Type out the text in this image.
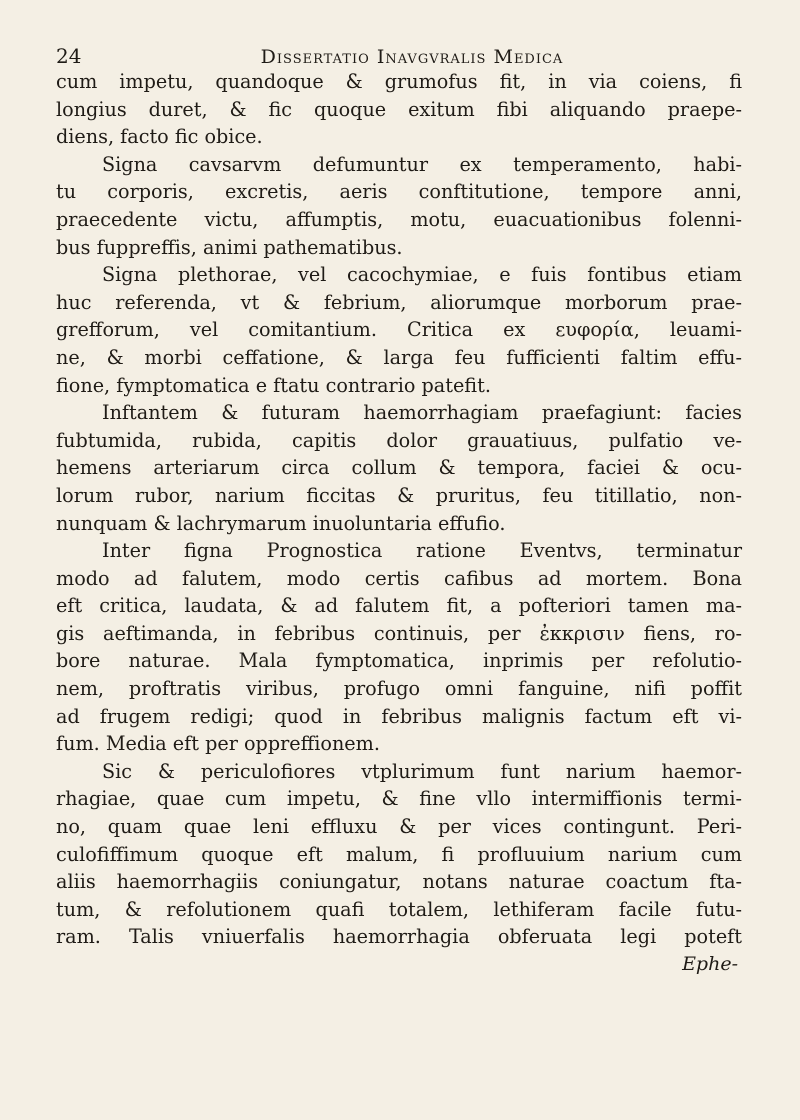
24	Dissertatio Inavgvralis Medica

cum impetu, quandoque & grumofus fit, in via coiens, fi

longius duret, & fic quoque exitum fibi aliquando praepe-

diens, facto fic obice.

Signa cavsarvm defumuntur ex temperamento, habi-

tu corporis, excretis, aeris conftitutione, tempore anni,

praecedente victu, affumptis, motu, euacuationibus folenni-

bus fuppreffis, animi pathematibus.

Signa plethorae, vel cacochymiae, e fuis fontibus etiam

huc referenda, vt & febrium, aliorumque morborum prae-

grefforum, vel comitantium. Critica ex ευφορία, leuami-

ne, & morbi ceffatione, & larga feu fufficienti faltim effu-

fione, fymptomatica e ftatu contrario patefit.

Inftantem & futuram haemorrhagiam praefagiunt: facies

fubtumida, rubida, capitis dolor grauatiuus, pulfatio ve-

hemens arteriarum circa collum & tempora, faciei & ocu-

lorum rubor, narium ficcitas & pruritus, feu titillatio, non-

nunquam & lachrymarum inuoluntaria effufio.

Inter figna Prognostica ratione Eventvs, terminatur

modo ad falutem, modo certis cafibus ad mortem. Bona

eft critica, laudata, & ad falutem fit, a pofteriori tamen ma-

gis aeftimanda, in febribus continuis, per ἐκκρισιν fiens, ro-

bore naturae. Mala fymptomatica, inprimis per refolutio-

nem, proftratis viribus, profugo omni fanguine, nifi poffit

ad frugem redigi; quod in febribus malignis factum eft vi-

fum. Media eft per oppreffionem.

Sic & periculofiores vtplurimum funt narium haemor-

rhagiae, quae cum impetu, & fine vllo intermiffionis termi-

no, quam quae leni effluxu & per vices contingunt. Peri-

culofiffimum quoque eft malum, fi profluuium narium cum

aliis haemorrhagiis coniungatur, notans naturae coactum fta-

tum, & refolutionem quafi totalem, lethiferam facile futu-

ram. Talis vniuerfalis haemorrhagia obferuata legi poteft

Ephe-
